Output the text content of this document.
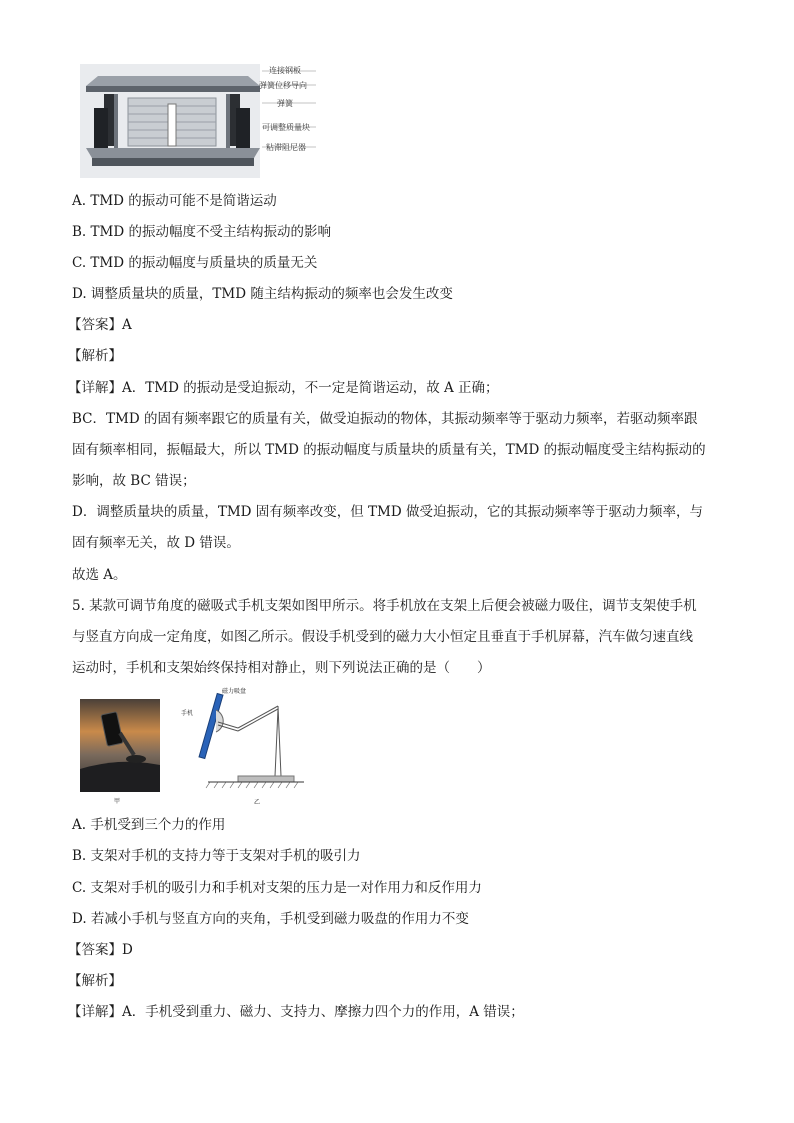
连接钢板
弹簧位移导向
弹簧
可调整质量块
粘滞阻尼器
A. TMD 的振动可能不是简谐运动
B. TMD 的振动幅度不受主结构振动的影响
C. TMD 的振动幅度与质量块的质量无关
D. 调整质量块的质量，TMD 随主结构振动的频率也会发生改变
【答案】A
【解析】
【详解】A．TMD 的振动是受迫振动，不一定是简谐运动，故 A 正确；
BC．TMD 的固有频率跟它的质量有关，做受迫振动的物体，其振动频率等于驱动力频率，若驱动频率跟
固有频率相同，振幅最大，所以 TMD 的振动幅度与质量块的质量有关，TMD 的振动幅度受主结构振动的
影响，故 BC 错误；
D．调整质量块的质量，TMD 固有频率改变，但 TMD 做受迫振动，它的其振动频率等于驱动力频率，与
固有频率无关，故 D 错误。
故选 A。
5. 某款可调节角度的磁吸式手机支架如图甲所示。将手机放在支架上后便会被磁力吸住，调节支架使手机
与竖直方向成一定角度，如图乙所示。假设手机受到的磁力大小恒定且垂直于手机屏幕，汽车做匀速直线
运动时，手机和支架始终保持相对静止，则下列说法正确的是（　　）
甲
手机
磁力吸盘
乙
A. 手机受到三个力的作用
B. 支架对手机的支持力等于支架对手机的吸引力
C. 支架对手机的吸引力和手机对支架的压力是一对作用力和反作用力
D. 若减小手机与竖直方向的夹角，手机受到磁力吸盘的作用力不变
【答案】D
【解析】
【详解】A．手机受到重力、磁力、支持力、摩擦力四个力的作用，A 错误；
